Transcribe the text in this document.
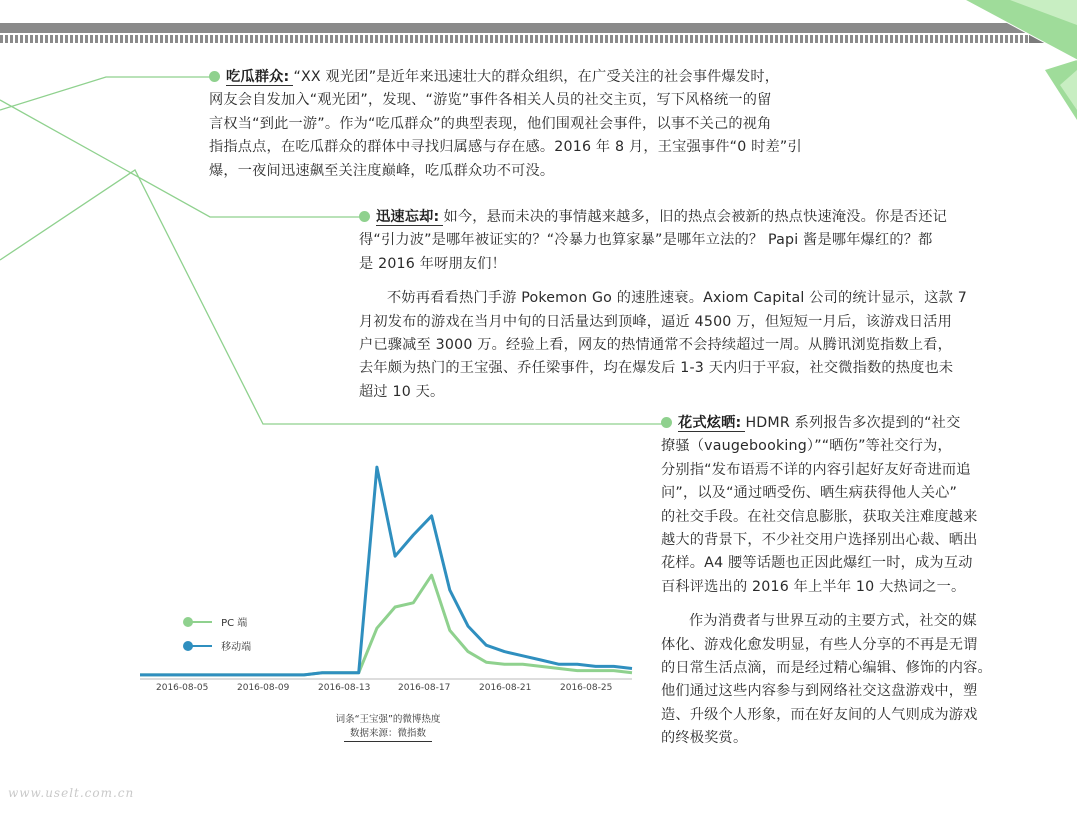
吃瓜群众: “XX 观光团”是近年来迅速壮大的群众组织，在广受关注的社会事件爆发时，
网友会自发加入“观光团”，发现、“游览”事件各相关人员的社交主页，写下风格统一的留
言权当“到此一游”。作为“吃瓜群众”的典型表现，他们围观社会事件，以事不关己的视角
指指点点，在吃瓜群众的群体中寻找归属感与存在感。2016 年 8 月，王宝强事件“0 时差”引
爆，一夜间迅速飙至关注度巅峰，吃瓜群众功不可没。

迅速忘却: 如今，悬而未决的事情越来越多，旧的热点会被新的热点快速淹没。你是否还记
得“引力波”是哪年被证实的？“冷暴力也算家暴”是哪年立法的？ Papi 酱是哪年爆红的？都
是 2016 年呀朋友们！

不妨再看看热门手游 Pokemon Go 的速胜速衰。Axiom Capital 公司的统计显示，这款 7
月初发布的游戏在当月中旬的日活量达到顶峰，逼近 4500 万，但短短一月后，该游戏日活用
户已骤减至 3000 万。经验上看，网友的热情通常不会持续超过一周。从腾讯浏览指数上看，
去年颇为热门的王宝强、乔任梁事件，均在爆发后 1-3 天内归于平寂，社交微指数的热度也未
超过 10 天。

花式炫晒: HDMR 系列报告多次提到的“社交
撩骚（vaugebooking）”“晒伤”等社交行为，
分别指“发布语焉不详的内容引起好友好奇进而追
问”，以及“通过晒受伤、晒生病获得他人关心”
的社交手段。在社交信息膨胀，获取关注难度越来
越大的背景下，不少社交用户选择别出心裁、晒出
花样。A4 腰等话题也正因此爆红一时，成为互动
百科评选出的 2016 年上半年 10 大热词之一。

作为消费者与世界互动的主要方式，社交的媒
体化、游戏化愈发明显，有些人分享的不再是无谓
的日常生活点滴，而是经过精心编辑、修饰的内容。
他们通过这些内容参与到网络社交这盘游戏中，塑
造、升级个人形象，而在好友间的人气则成为游戏
的终极奖赏。

PC 端
移动端
2016-08-05	2016-08-09	2016-08-13	2016-08-17	2016-08-21	2016-08-25
词条“王宝强”的微博热度
数据来源：微指数
www.uselt.com.cn
